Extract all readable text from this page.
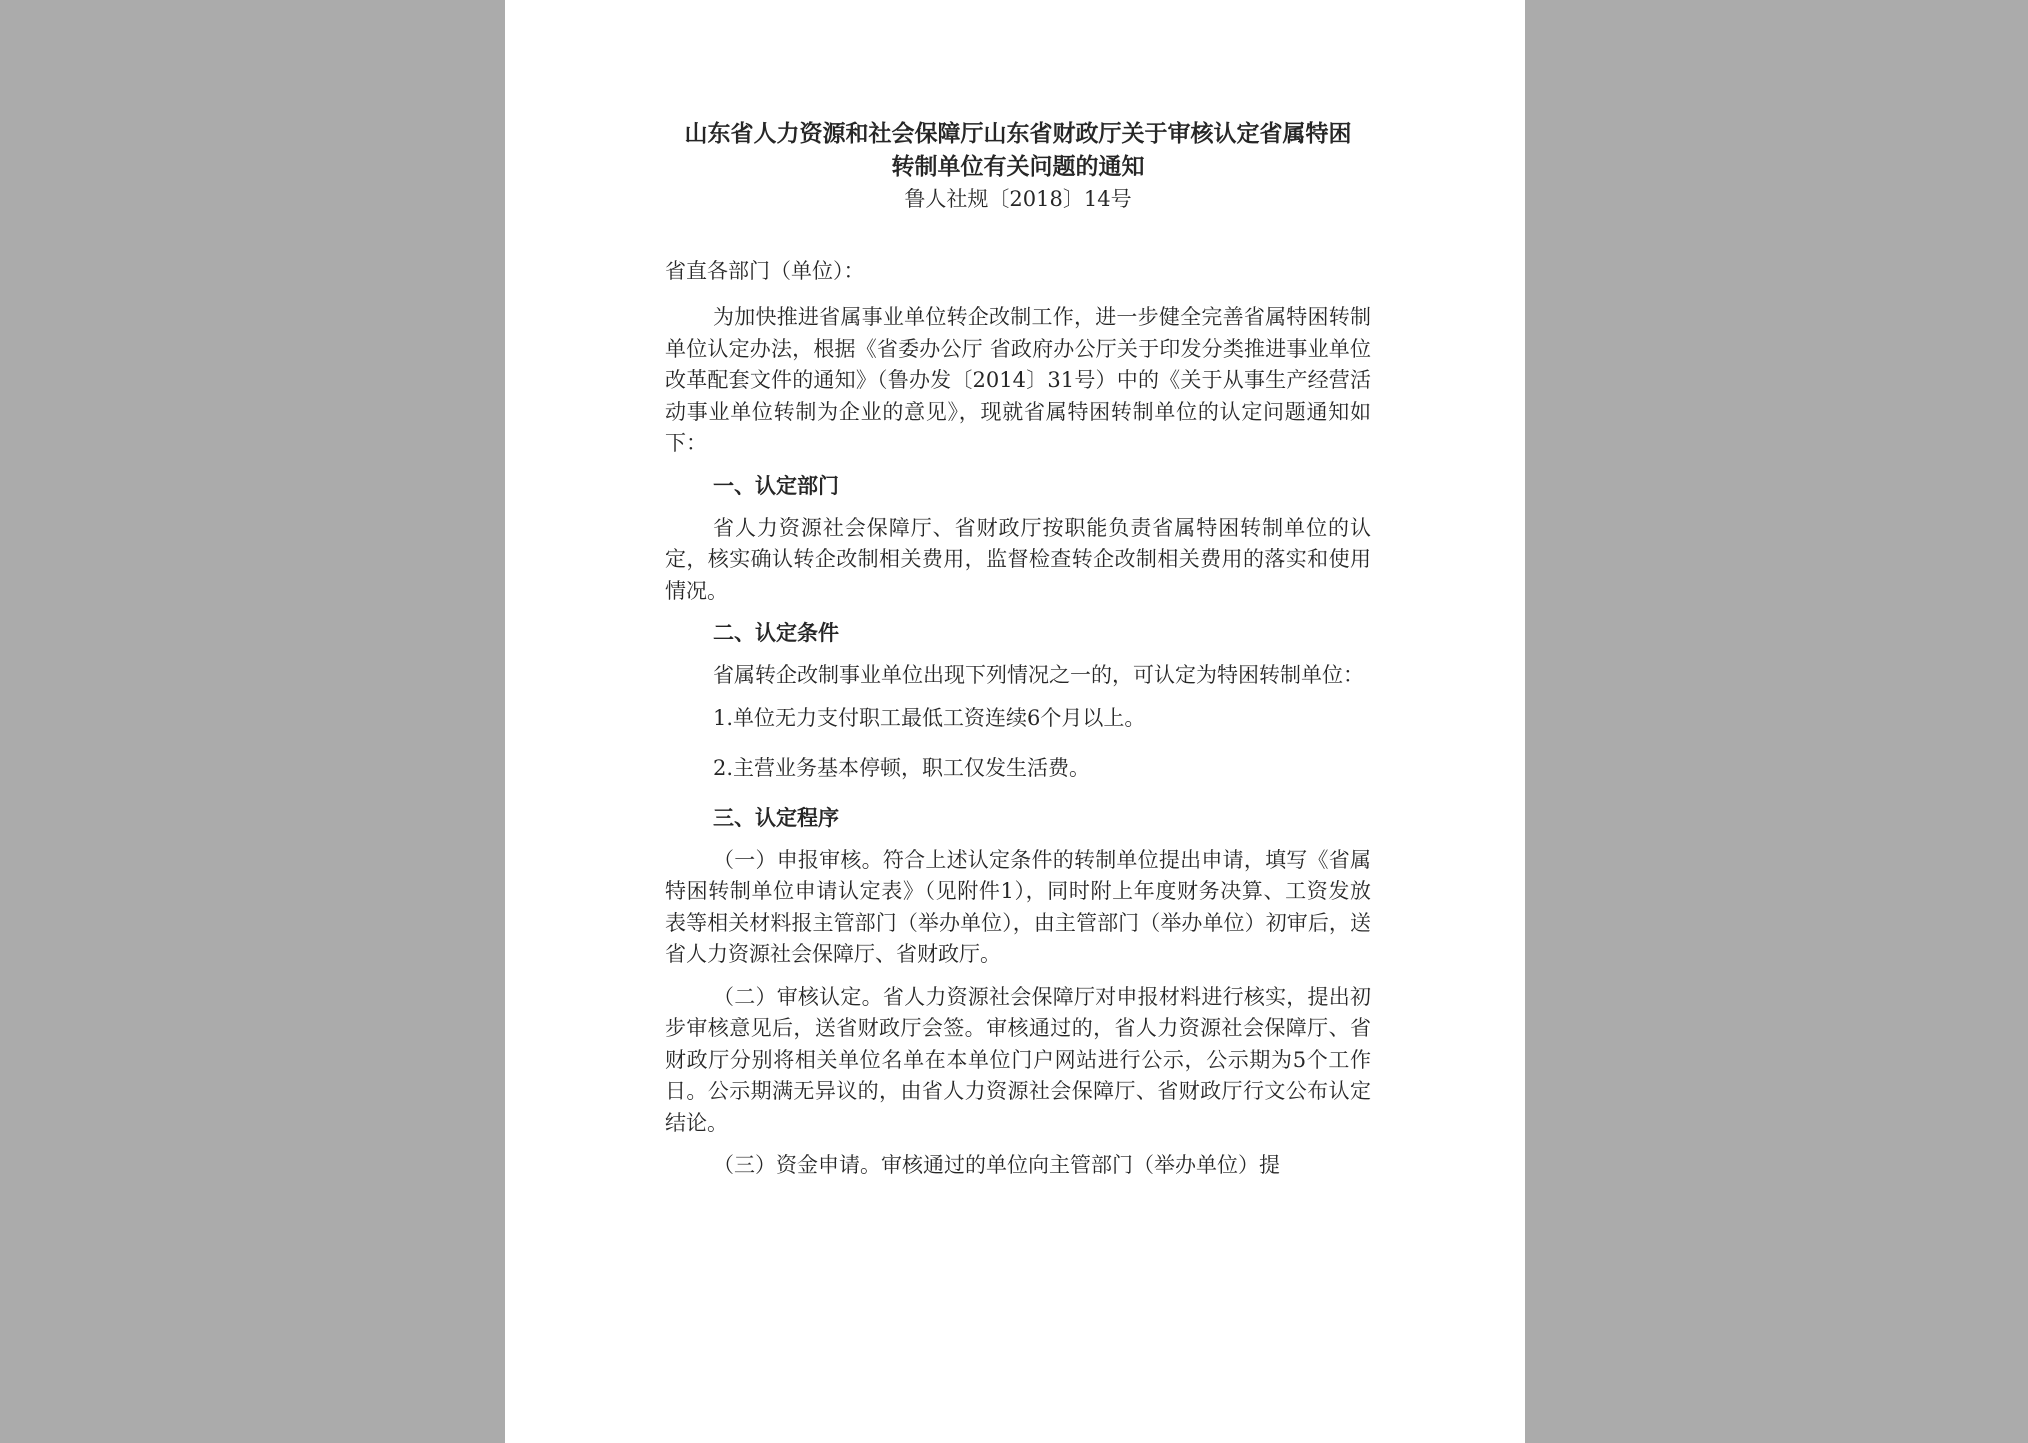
山东省人力资源和社会保障厅山东省财政厅关于审核认定省属特困

转制单位有关问题的通知

鲁人社规〔2018〕14号

省直各部门（单位）：

为加快推进省属事业单位转企改制工作，进一步健全完善省属特困转制单位认定办法，根据《省委办公厅 省政府办公厅关于印发分类推进事业单位改革配套文件的通知》（鲁办发〔2014〕31号）中的《关于从事生产经营活动事业单位转制为企业的意见》，现就省属特困转制单位的认定问题通知如下：

一、认定部门

省人力资源社会保障厅、省财政厅按职能负责省属特困转制单位的认定，核实确认转企改制相关费用，监督检查转企改制相关费用的落实和使用情况。

二、认定条件

省属转企改制事业单位出现下列情况之一的，可认定为特困转制单位：

1.单位无力支付职工最低工资连续6个月以上。

2.主营业务基本停顿，职工仅发生活费。

三、认定程序

（一）申报审核。符合上述认定条件的转制单位提出申请，填写《省属特困转制单位申请认定表》（见附件1），同时附上年度财务决算、工资发放表等相关材料报主管部门（举办单位），由主管部门（举办单位）初审后，送省人力资源社会保障厅、省财政厅。

（二）审核认定。省人力资源社会保障厅对申报材料进行核实，提出初步审核意见后，送省财政厅会签。审核通过的，省人力资源社会保障厅、省财政厅分别将相关单位名单在本单位门户网站进行公示，公示期为5个工作日。公示期满无异议的，由省人力资源社会保障厅、省财政厅行文公布认定结论。

（三）资金申请。审核通过的单位向主管部门（举办单位）提
